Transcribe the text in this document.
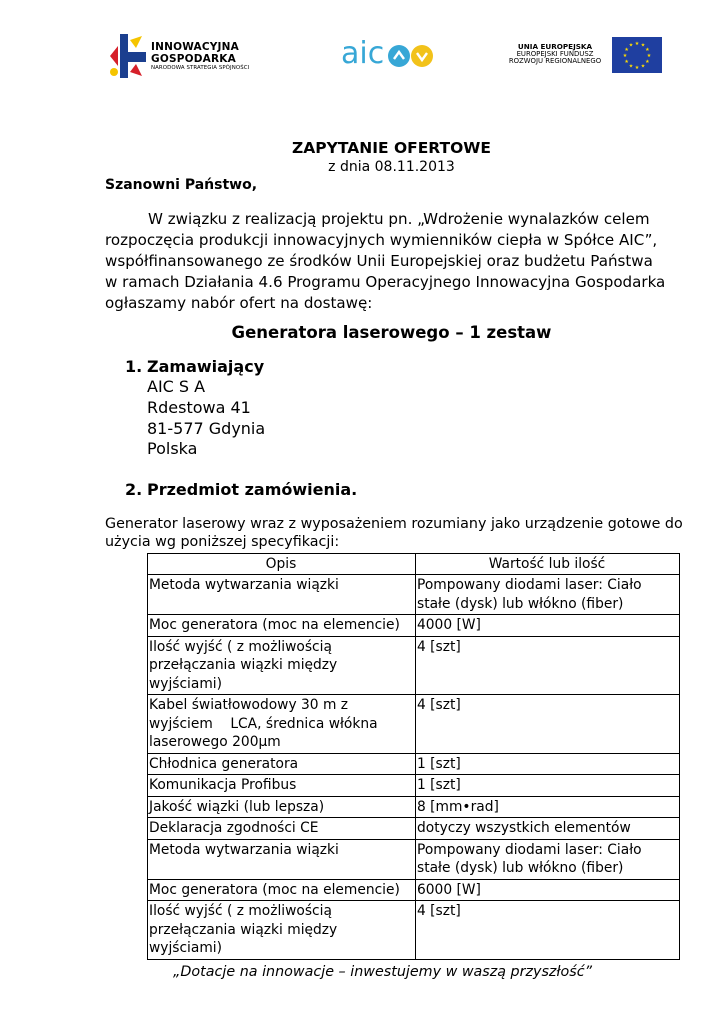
INNOWACYJNA
GOSPODARKA
NARODOWA STRATEGIA SPÓJNOŚCI	aic	UNIA EUROPEJSKA
EUROPEJSKI FUNDUSZ
ROZWOJU REGIONALNEGO
★ ★
★
★
★
★
★
★
★
★
★
★
ZAPYTANIE OFERTOWE
z dnia 08.11.2013
Szanowni Państwo,
W związku z realizacją projektu pn. „Wdrożenie wynalazków celem
rozpoczęcia produkcji innowacyjnych wymienników ciepła w Spółce AIC”,
współfinansowanego ze środków Unii Europejskiej oraz budżetu Państwa
w ramach Działania 4.6 Programu Operacyjnego Innowacyjna Gospodarka
ogłaszamy nabór ofert na dostawę:
Generatora laserowego – 1 zestaw
1. Zamawiający
AIC S A
Rdestowa 41
81-577 Gdynia
Polska
2. Przedmiot zamówienia.
Generator laserowy wraz z wyposażeniem rozumiany jako urządzenie gotowe do
użycia wg poniższej specyfikacji:
Opis	Wartość lub ilość

Metoda wytwarzania wiązki	Pompowany diodami laser: Ciało
stałe (dysk) lub włókno (fiber)

Moc generatora (moc na elemencie)	4000 [W]

Ilość wyjść ( z możliwością
przełączania wiązki między
wyjściami)	4 [szt]

Kabel światłowodowy 30 m z
wyjściem    LCA, średnica włókna
laserowego 200µm	4 [szt]

Chłodnica generatora	1 [szt]

Komunikacja Profibus	1 [szt]

Jakość wiązki (lub lepsza)	8 [mm•rad]

Deklaracja zgodności CE	dotyczy wszystkich elementów

Metoda wytwarzania wiązki	Pompowany diodami laser: Ciało
stałe (dysk) lub włókno (fiber)

Moc generatora (moc na elemencie)	6000 [W]

Ilość wyjść ( z możliwością
przełączania wiązki między
wyjściami)	4 [szt]
„Dotacje na innowacje – inwestujemy w waszą przyszłość”
